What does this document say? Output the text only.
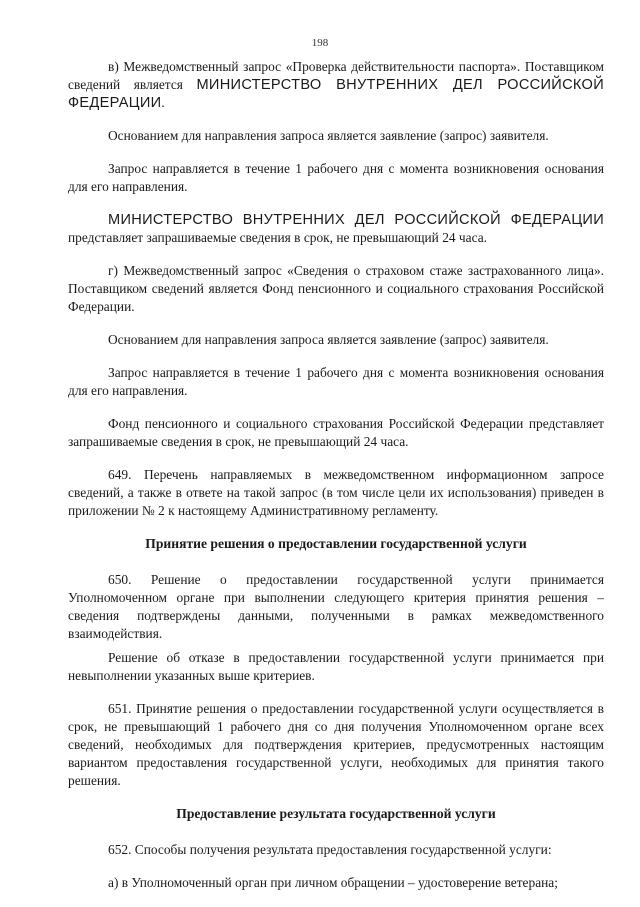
198

в) Межведомственный запрос «Проверка действительности паспорта». Поставщиком сведений является МИНИСТЕРСТВО ВНУТРЕННИХ ДЕЛ РОССИЙСКОЙ ФЕДЕРАЦИИ.

Основанием для направления запроса является заявление (запрос) заявителя.

Запрос направляется в течение 1 рабочего дня с момента возникновения основания для его направления.

МИНИСТЕРСТВО ВНУТРЕННИХ ДЕЛ РОССИЙСКОЙ ФЕДЕРАЦИИ представляет запрашиваемые сведения в срок, не превышающий 24 часа.

г) Межведомственный запрос «Сведения о страховом стаже застрахованного лица». Поставщиком сведений является Фонд пенсионного и социального страхования Российской Федерации.

Основанием для направления запроса является заявление (запрос) заявителя.

Запрос направляется в течение 1 рабочего дня с момента возникновения основания для его направления.

Фонд пенсионного и социального страхования Российской Федерации представляет запрашиваемые сведения в срок, не превышающий 24 часа.

649. Перечень направляемых в межведомственном информационном запросе сведений, а также в ответе на такой запрос (в том числе цели их использования) приведен в приложении № 2 к настоящему Административному регламенту.

Принятие решения о предоставлении государственной услуги

650. Решение о предоставлении государственной услуги принимается Уполномоченном органе при выполнении следующего критерия принятия решения – сведения подтверждены данными, полученными в рамках межведомственного взаимодействия.

Решение об отказе в предоставлении государственной услуги принимается при невыполнении указанных выше критериев.

651. Принятие решения о предоставлении государственной услуги осуществляется в срок, не превышающий 1 рабочего дня со дня получения Уполномоченном органе всех сведений, необходимых для подтверждения критериев, предусмотренных настоящим вариантом предоставления государственной услуги, необходимых для принятия такого решения.

Предоставление результата государственной услуги

652. Способы получения результата предоставления государственной услуги:

а) в Уполномоченный орган при личном обращении – удостоверение ветерана;
